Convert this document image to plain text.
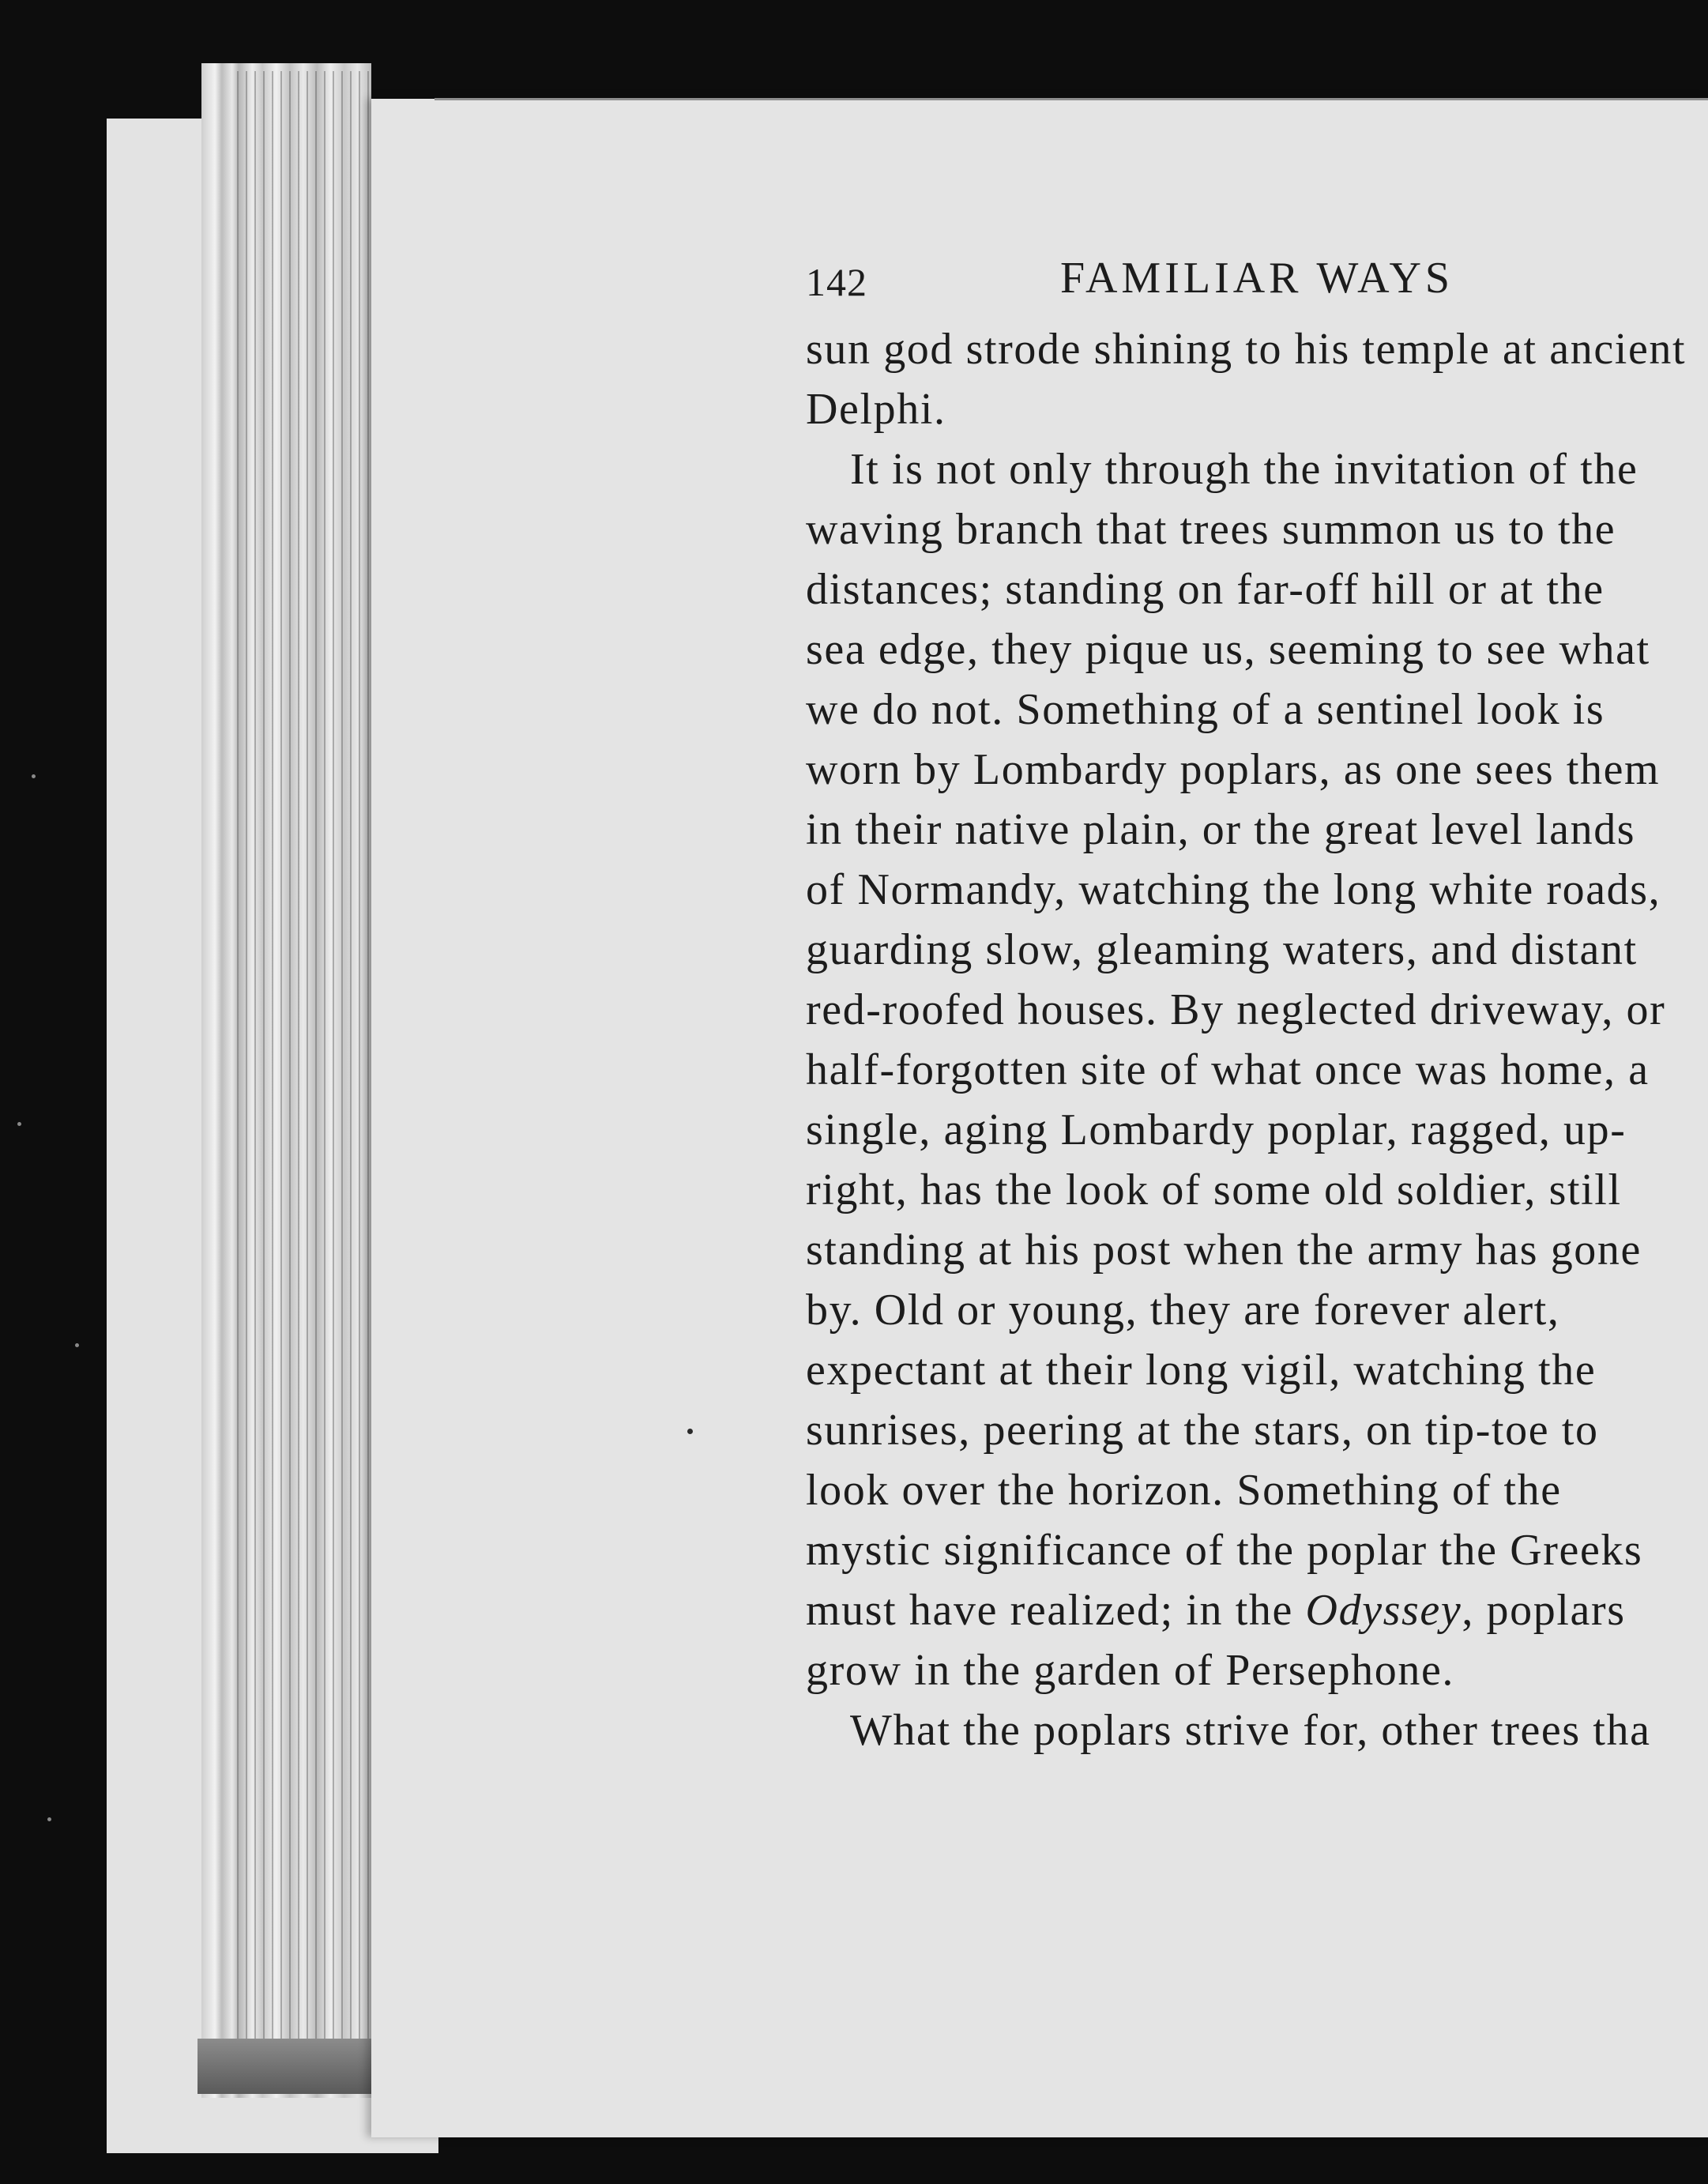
142	FAMILIAR WAYS
sun god strode shining to his temple at ancient
Delphi.
It is not only through the invitation of the
waving branch that trees summon us to the
distances; standing on far-off hill or at the
sea edge, they pique us, seeming to see what
we do not. Something of a sentinel look is
worn by Lombardy poplars, as one sees them
in their native plain, or the great level lands
of Normandy, watching the long white roads,
guarding slow, gleaming waters, and distant
red-roofed houses. By neglected driveway, or
half-forgotten site of what once was home, a
single, aging Lombardy poplar, ragged, up-
right, has the look of some old soldier, still
standing at his post when the army has gone
by. Old or young, they are forever alert,
expectant at their long vigil, watching the
sunrises, peering at the stars, on tip-toe to
look over the horizon. Something of the
mystic significance of the poplar the Greeks
must have realized; in the Odyssey, poplars
grow in the garden of Persephone.
What the poplars strive for, other trees tha
